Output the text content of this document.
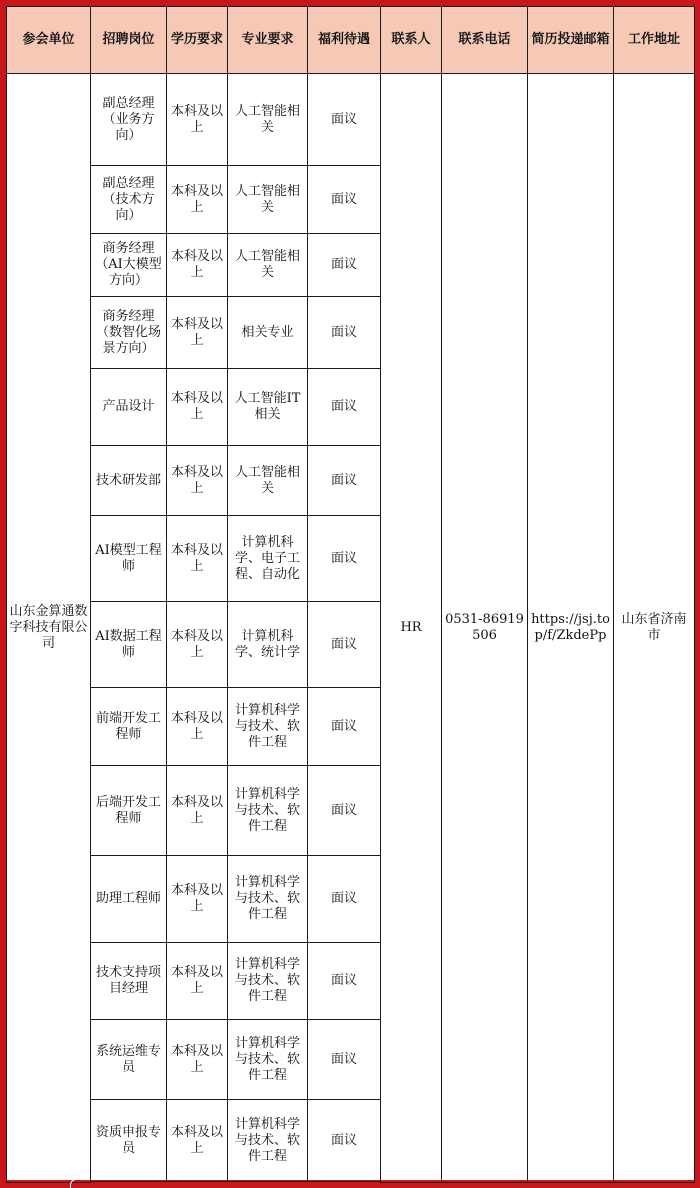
参会单位	招聘岗位	学历要求	专业要求	福利待遇	联系人	联系电话	简历投递邮箱	工作地址
山东金算通数字科技有限公司	副总经理（业务方向）	本科及以上	人工智能相关	面议	HR	0531-86919506	https://jsj.top/f/ZkdePp	山东省济南市
	副总经理（技术方向）	本科及以上	人工智能相关	面议				
	商务经理（AI大模型方向）	本科及以上	人工智能相关	面议				
	商务经理（数智化场景方向）	本科及以上	相关专业	面议				
	产品设计	本科及以上	人工智能IT相关	面议				
	技术研发部	本科及以上	人工智能相关	面议				
	AI模型工程师	本科及以上	计算机科学、电子工程、自动化	面议				
	AI数据工程师	本科及以上	计算机科学、统计学	面议				
	前端开发工程师	本科及以上	计算机科学与技术、软件工程	面议				
	后端开发工程师	本科及以上	计算机科学与技术、软件工程	面议				
	助理工程师	本科及以上	计算机科学与技术、软件工程	面议				
	技术支持项目经理	本科及以上	计算机科学与技术、软件工程	面议				
	系统运维专员	本科及以上	计算机科学与技术、软件工程	面议				
	资质申报专员	本科及以上	计算机科学与技术、软件工程	面议				
